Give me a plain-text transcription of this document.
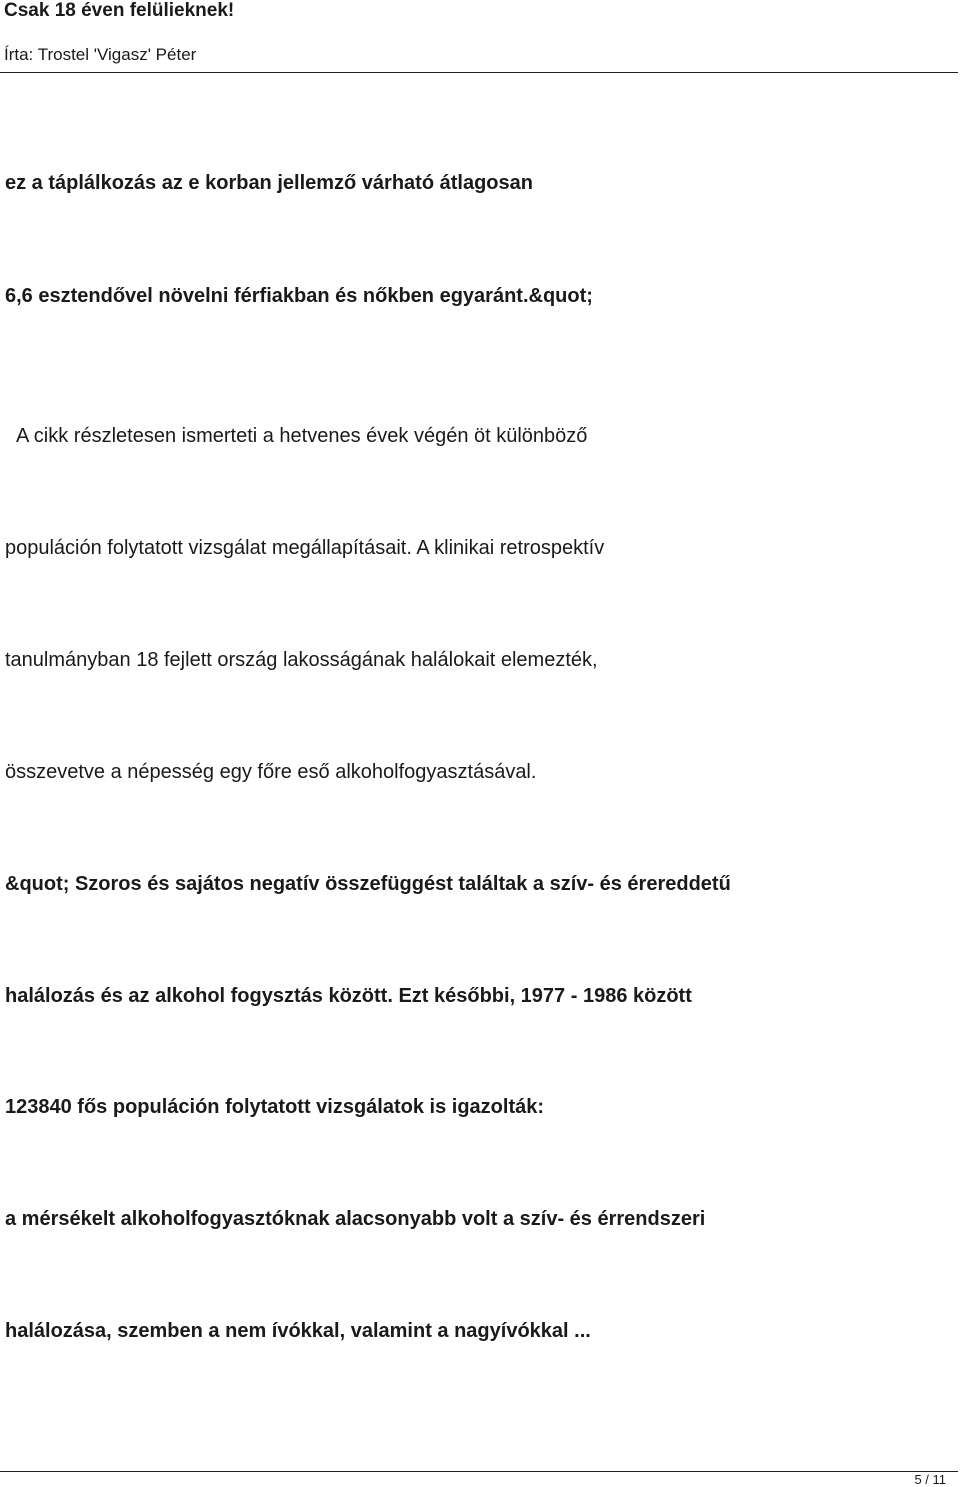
Csak 18 éven felülieknek!
Írta: Trostel 'Vigasz' Péter
ez a táplálkozás az e korban jellemző várható átlagosan
6,6 esztendővel növelni férfiakban és nőkben egyaránt.&quot;
A cikk részletesen ismerteti a hetvenes évek végén öt különböző
populáción folytatott vizsgálat megállapításait. A klinikai retrospektív
tanulmányban 18 fejlett ország lakosságának halálokait elemezték,
összevetve a népesség egy főre eső alkoholfogyasztásával.
&quot; Szoros és sajátos negatív összefüggést találtak a szív- és érereddetű
halálozás és az alkohol fogysztás között. Ezt későbbi, 1977 - 1986 között
123840 fős populáción folytatott vizsgálatok is igazolták:
a mérsékelt alkoholfogyasztóknak alacsonyabb volt a szív- és érrendszeri
halálozása, szemben a nem ívókkal, valamint a nagyívókkal ...
5 / 11
